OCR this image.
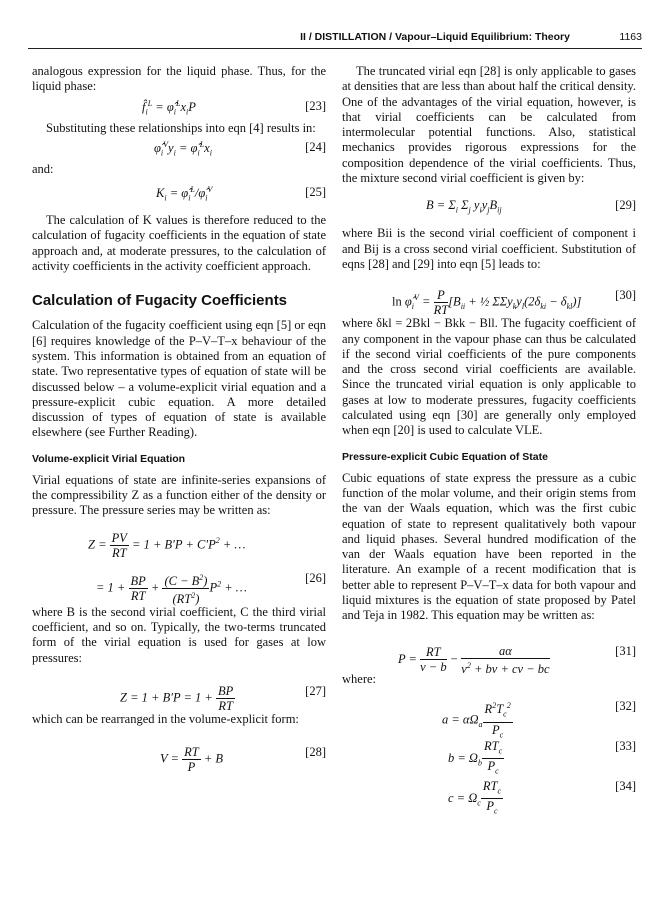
II / DISTILLATION / Vapour–Liquid Equilibrium: Theory	1163

analogous expression for the liquid phase. Thus, for the liquid phase:

$f̂_i^L$ = $\varphî_i^Lx_iP$	[23]

Substituting these relationships into eqn [4] results in:

$\varphî_i^Vy_i$ = $\varphî_i^Lx_i$	[24]

and:

$K_i$ = $\varphî_i^L/\varphî_i^V$	[25]

The calculation of K values is therefore reduced to the calculation of fugacity coefficients in the equation of state approach and, at moderate pressures, to the calculation of activity coefficients in the activity coefficient approach.

Calculation of Fugacity Coefficients

Calculation of the fugacity coefficient using eqn [5] or eqn [6] requires knowledge of the P–V–T–x behaviour of the system. This information is obtained from an equation of state. Two representative types of equation of state will be discussed below – a volume-explicit virial equation and a pressure-explicit cubic equation. A more detailed discussion of types of equation of state is available elsewhere (see Further Reading).

Volume-explicit Virial Equation

Virial equations of state are infinite-series expansions of the compressibility Z as a function either of the density or pressure. The pressure series may be written as:

$Z = \frac{PV}{RT} = 1 + B'P + C'P^2$ + …
= $1 + \frac{BP}{RT} + \frac{(C - B^2)}{(RT^2)} P^2$ + …
[26]

where B is the second virial coefficient, C the third virial coefficient, and so on. Typically, the two-terms truncated form of the virial equation is used for gases at low pressures:

$Z = 1 + B'P = 1 + \frac{BP}{RT}$	[27]

which can be rearranged in the volume-explicit form:

$V = \frac{RT}{P} + B$	[28]

The truncated virial eqn [28] is only applicable to gases at densities that are less than about half the critical density. One of the advantages of the virial equation, however, is that virial coefficients can be calculated from intermolecular potential functions. Also, statistical mechanics provides rigorous expressions for the composition dependence of the virial coefficients. Thus, the mixture second virial coefficient is given by:

$B = \Sigma_i$ $\Sigma_j$ $y_iy_jB_{ij}$	[29]

where Bii is the second virial coefficient of component i and Bij is a cross second virial coefficient. Substitution of eqns [28] and [29] into eqn [5] leads to:

$\ln \varphî_i^V = \frac{P}{RT} [B_{ii}$ + ½ $\Sigma\Sigma y_ky_l(2\delta_{ki} - \delta_{kl})$]	[30]

where δkl = 2Bkl − Bkk − Bll. The fugacity coefficient of any component in the vapour phase can thus be calculated if the second virial coefficients of the pure components and the cross second virial coefficients are available. Since the truncated virial equation is only applicable to gases at low to moderate pressures, fugacity coefficients calculated using eqn [30] are generally only employed when eqn [20] is used to calculate VLE.

Pressure-explicit Cubic Equation of State

Cubic equations of state express the pressure as a cubic function of the molar volume, and their origin stems from the van der Waals equation, which was the first cubic equation of state to represent qualitatively both vapour and liquid phases. Several hundred modification of the van der Waals equation have been reported in the literature. An example of a recent modification that is better able to represent P–V–T–x data for both vapour and liquid mixtures is the equation of state proposed by Patel and Teja in 1982. This equation may be written as:

$P = \frac{RT}{v - b} - \frac{a\alpha}{v^2 + bv + cv - bc}$	[31]

where:

$a = \alpha\Omega_a \frac{R^2T_c^2}{P_c}$	[32]
$b = \Omega_b \frac{RT_c}{P_c}$	[33]
$c = \Omega_c \frac{RT_c}{P_c}$	[34]
